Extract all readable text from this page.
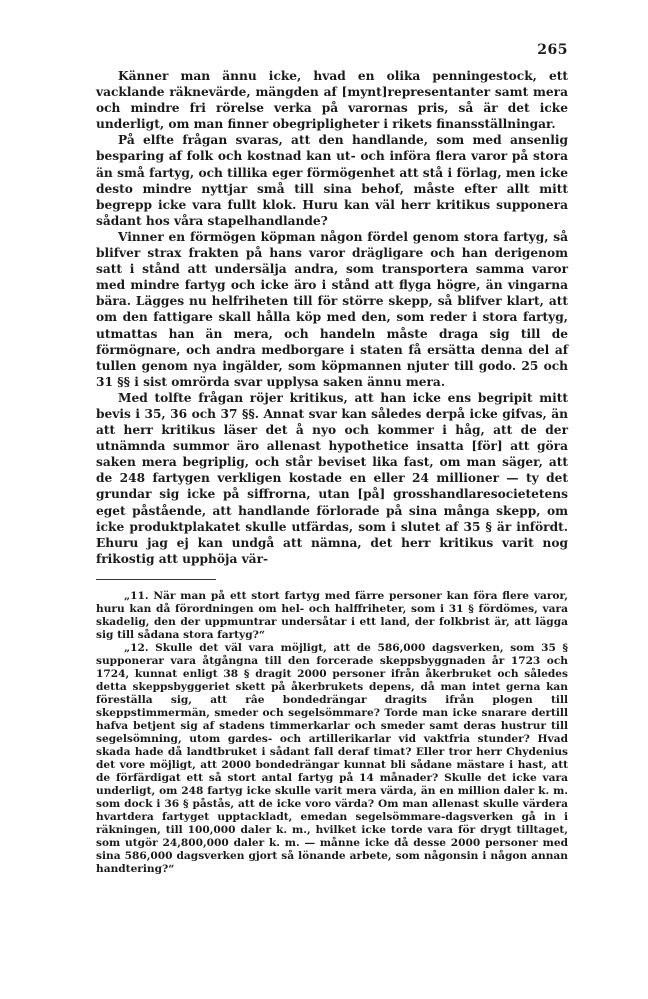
265

Känner man ännu icke, hvad en olika penningestock, ett vacklande räknevärde, mängden af [mynt]representanter samt mera och mindre fri rörelse verka på varornas pris, så är det icke underligt, om man finner obegripligheter i rikets finansställningar.

På elfte frågan svaras, att den handlande, som med ansenlig besparing af folk och kostnad kan ut- och införa flera varor på stora än små fartyg, och tillika eger förmögenhet att stå i förlag, men icke desto mindre nyttjar små till sina behof, måste efter allt mitt begrepp icke vara fullt klok. Huru kan väl herr kritikus supponera sådant hos våra stapelhandlande?

Vinner en förmögen köpman någon fördel genom stora fartyg, så blifver strax frakten på hans varor drägligare och han derigenom satt i stånd att undersälja andra, som transportera samma varor med mindre fartyg och icke äro i stånd att flyga högre, än vingarna bära. Lägges nu helfriheten till för större skepp, så blifver klart, att om den fattigare skall hålla köp med den, som reder i stora fartyg, utmattas han än mera, och handeln måste draga sig till de förmögnare, och andra medborgare i staten få ersätta denna del af tullen genom nya ingälder, som köpmannen njuter till godo. 25 och 31 §§ i sist omrörda svar upplysa saken ännu mera.

Med tolfte frågan röjer kritikus, att han icke ens begripit mitt bevis i 35, 36 och 37 §§. Annat svar kan således derpå icke gifvas, än att herr kritikus läser det å nyo och kommer i håg, att de der utnämnda summor äro allenast hypothetice insatta [för] att göra saken mera begriplig, och står beviset lika fast, om man säger, att de 248 fartygen verkligen kostade en eller 24 millioner — ty det grundar sig icke på siffrorna, utan [på] grosshandlaresocietetens eget påstående, att handlande förlorade på sina många skepp, om icke produktplakatet skulle utfärdas, som i slutet af 35 § är infördt. Ehuru jag ej kan undgå att nämna, det herr kritikus varit nog frikostig att upphöja vär-

„11. När man på ett stort fartyg med färre personer kan föra flere varor, huru kan då förordningen om hel- och halffriheter, som i 31 § fördömes, vara skadelig, den der uppmuntrar undersåtar i ett land, der folkbrist är, att lägga sig till sådana stora fartyg?“

„12. Skulle det väl vara möjligt, att de 586,000 dagsverken, som 35 § supponerar vara åtgångna till den forcerade skeppsbyggnaden år 1723 och 1724, kunnat enligt 38 § dragit 2000 personer ifrån åkerbruket och således detta skeppsbyggeriet skett på åkerbrukets depens, då man intet gerna kan föreställa sig, att râe bondedrängar dragits ifrån plogen till skeppstimmermän, smeder och segelsömmare? Torde man icke snarare dertill hafva betjent sig af stadens timmerkarlar och smeder samt deras hustrur till segelsömning, utom gardes- och artillerikarlar vid vaktfria stunder? Hvad skada hade då landtbruket i sådant fall deraf timat? Eller tror herr Chydenius det vore möjligt, att 2000 bondedrängar kunnat bli sådane mästare i hast, att de förfärdigat ett så stort antal fartyg på 14 månader? Skulle det icke vara underligt, om 248 fartyg icke skulle varit mera värda, än en million daler k. m. som dock i 36 § påstås, att de icke voro värda? Om man allenast skulle värdera hvartdera fartyget upptackladt, emedan segelsömmare-dagsverken gå in i räkningen, till 100,000 daler k. m., hvilket icke torde vara för drygt tilltaget, som utgör 24,800,000 daler k. m. — månne icke då desse 2000 personer med sina 586,000 dagsverken gjort så lönande arbete, som någonsin i någon annan handtering?“
